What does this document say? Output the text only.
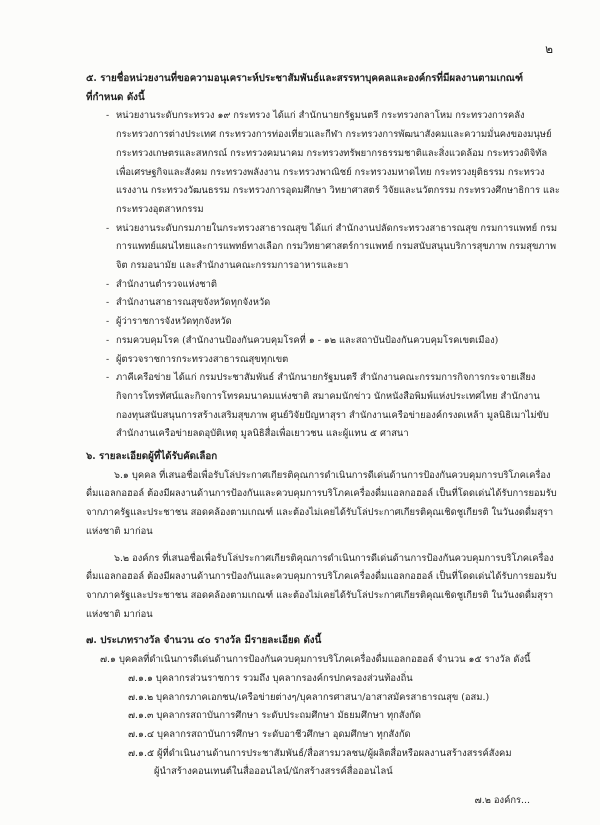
๒
๕. รายชื่อหน่วยงานที่ขอความอนุเคราะห์ประชาสัมพันธ์และสรรหาบุคคลและองค์กรที่มีผลงานตามเกณฑ์
ที่กำหนด ดังนี้
- หน่วยงานระดับกระทรวง ๑๙ กระทรวง ได้แก่ สำนักนายกรัฐมนตรี กระทรวงกลาโหม กระทรวงการคลัง กระทรวงการต่างประเทศ กระทรวงการท่องเที่ยวและกีฬา กระทรวงการพัฒนาสังคมและความมั่นคงของมนุษย์ กระทรวงเกษตรและสหกรณ์ กระทรวงคมนาคม กระทรวงทรัพยากรธรรมชาติและสิ่งแวดล้อม กระทรวงดิจิทัลเพื่อเศรษฐกิจและสังคม กระทรวงพลังงาน กระทรวงพาณิชย์ กระทรวงมหาดไทย กระทรวงยุติธรรม กระทรวงแรงงาน กระทรวงวัฒนธรรม กระทรวงการอุดมศึกษา วิทยาศาสตร์ วิจัยและนวัตกรรม กระทรวงศึกษาธิการ และกระทรวงอุตสาหกรรม
- หน่วยงานระดับกรมภายในกระทรวงสาธารณสุข ได้แก่ สำนักงานปลัดกระทรวงสาธารณสุข กรมการแพทย์ กรมการแพทย์แผนไทยและการแพทย์ทางเลือก กรมวิทยาศาสตร์การแพทย์ กรมสนับสนุนบริการสุขภาพ กรมสุขภาพจิต กรมอนามัย และสำนักงานคณะกรรมการอาหารและยา
- สำนักงานตำรวจแห่งชาติ
- สำนักงานสาธารณสุขจังหวัดทุกจังหวัด
- ผู้ว่าราชการจังหวัดทุกจังหวัด
- กรมควบคุมโรค (สำนักงานป้องกันควบคุมโรคที่ ๑ - ๑๒ และสถาบันป้องกันควบคุมโรคเขตเมือง)
- ผู้ตรวจราชการกระทรวงสาธารณสุขทุกเขต
- ภาคีเครือข่าย ได้แก่ กรมประชาสัมพันธ์ สำนักนายกรัฐมนตรี สำนักงานคณะกรรมการกิจการกระจายเสียง กิจการโทรทัศน์และกิจการโทรคมนาคมแห่งชาติ สมาคมนักข่าว นักหนังสือพิมพ์แห่งประเทศไทย สำนักงานกองทุนสนับสนุนการสร้างเสริมสุขภาพ ศูนย์วิจัยปัญหาสุรา สำนักงานเครือข่ายองค์กรงดเหล้า มูลนิธิเมาไม่ขับ สำนักงานเครือข่ายลดอุบัติเหตุ มูลนิธิสื่อเพื่อเยาวชน และผู้แทน ๕ ศาสนา
๖. รายละเอียดผู้ที่ได้รับคัดเลือก

๖.๑ บุคคล ที่เสนอชื่อเพื่อรับโล่ประกาศเกียรติคุณการดำเนินการดีเด่นด้านการป้องกันควบคุมการบริโภคเครื่องดื่มแอลกอฮอล์ ต้องมีผลงานด้านการป้องกันและควบคุมการบริโภคเครื่องดื่มแอลกอฮอล์ เป็นที่โดดเด่นได้รับการยอมรับจากภาครัฐและประชาชน สอดคล้องตามเกณฑ์ และต้องไม่เคยได้รับโล่ประกาศเกียรติคุณเชิดชูเกียรติ ในวันงดดื่มสุราแห่งชาติ มาก่อน

๖.๒ องค์กร ที่เสนอชื่อเพื่อรับโล่ประกาศเกียรติคุณการดำเนินการดีเด่นด้านการป้องกันควบคุมการบริโภคเครื่องดื่มแอลกอฮอล์ ต้องมีผลงานด้านการป้องกันและควบคุมการบริโภคเครื่องดื่มแอลกอฮอล์ เป็นที่โดดเด่นได้รับการยอมรับจากภาครัฐและประชาชน สอดคล้องตามเกณฑ์ และต้องไม่เคยได้รับโล่ประกาศเกียรติคุณเชิดชูเกียรติ ในวันงดดื่มสุราแห่งชาติ มาก่อน

๗. ประเภทรางวัล จำนวน ๔๐ รางวัล มีรายละเอียด ดังนี้
๗.๑ บุคคลที่ดำเนินการดีเด่นด้านการป้องกันควบคุมการบริโภคเครื่องดื่มแอลกอฮอล์ จำนวน ๑๕ รางวัล ดังนี้
๗.๑.๑ บุคลากรส่วนราชการ รวมถึง บุคลากรองค์กรปกครองส่วนท้องถิ่น
๗.๑.๒ บุคลากรภาคเอกชน/เครือข่ายต่างๆ/บุคลากรศาสนา/อาสาสมัครสาธารณสุข (อสม.)
๗.๑.๓ บุคลากรสถาบันการศึกษา ระดับประถมศึกษา มัธยมศึกษา ทุกสังกัด
๗.๑.๔ บุคลากรสถาบันการศึกษา ระดับอาชีวศึกษา อุดมศึกษา ทุกสังกัด
๗.๑.๕ ผู้ที่ดำเนินงานด้านการประชาสัมพันธ์/สื่อสารมวลชน/ผู้ผลิตสื่อหรือผลงานสร้างสรรค์สังคม
ผู้นำสร้างคอนเทนต์ในสื่อออนไลน์/นักสร้างสรรค์สื่อออนไลน์
๗.๒ องค์กร...
